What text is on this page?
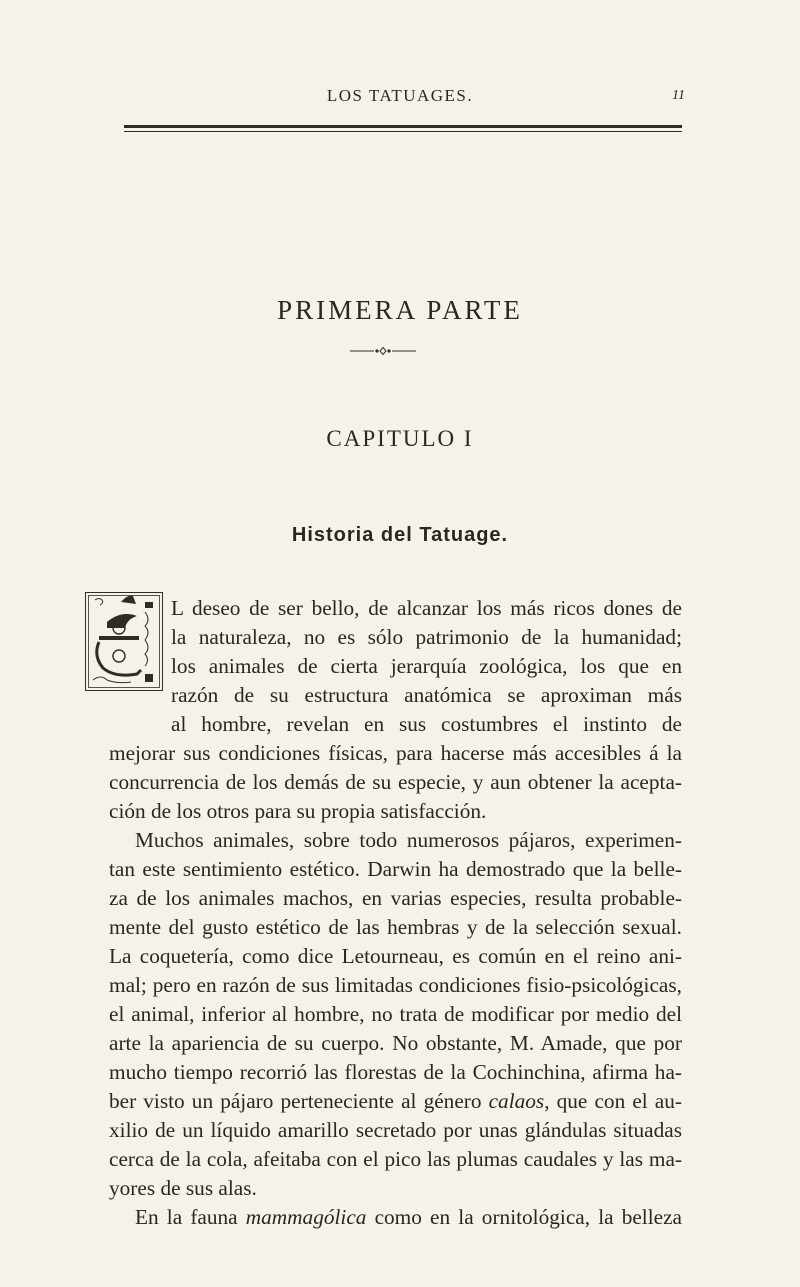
LOS TATUAGES.	11
PRIMERA PARTE
CAPITULO I
Historia del Tatuage.
L deseo de ser bello, de alcanzar los más ricos dones de
la naturaleza, no es sólo patrimonio de la humanidad;
los animales de cierta jerarquía zoológica, los que en
razón de su estructura anatómica se aproximan más
al hombre, revelan en sus costumbres el instinto de
mejorar sus condiciones físicas, para hacerse más accesibles á la
concurrencia de los demás de su especie, y aun obtener la acepta-
ción de los otros para su propia satisfacción.
Muchos animales, sobre todo numerosos pájaros, experimen-
tan este sentimiento estético. Darwin ha demostrado que la belle-
za de los animales machos, en varias especies, resulta probable-
mente del gusto estético de las hembras y de la selección sexual.
La coquetería, como dice Letourneau, es común en el reino ani-
mal; pero en razón de sus limitadas condiciones fisio-psicológicas,
el animal, inferior al hombre, no trata de modificar por medio del
arte la apariencia de su cuerpo. No obstante, M. Amade, que por
mucho tiempo recorrió las florestas de la Cochinchina, afirma ha-
ber visto un pájaro perteneciente al género calaos, que con el au-
xilio de un líquido amarillo secretado por unas glándulas situadas
cerca de la cola, afeitaba con el pico las plumas caudales y las ma-
yores de sus alas.
En la fauna mammagólica como en la ornitológica, la belleza
